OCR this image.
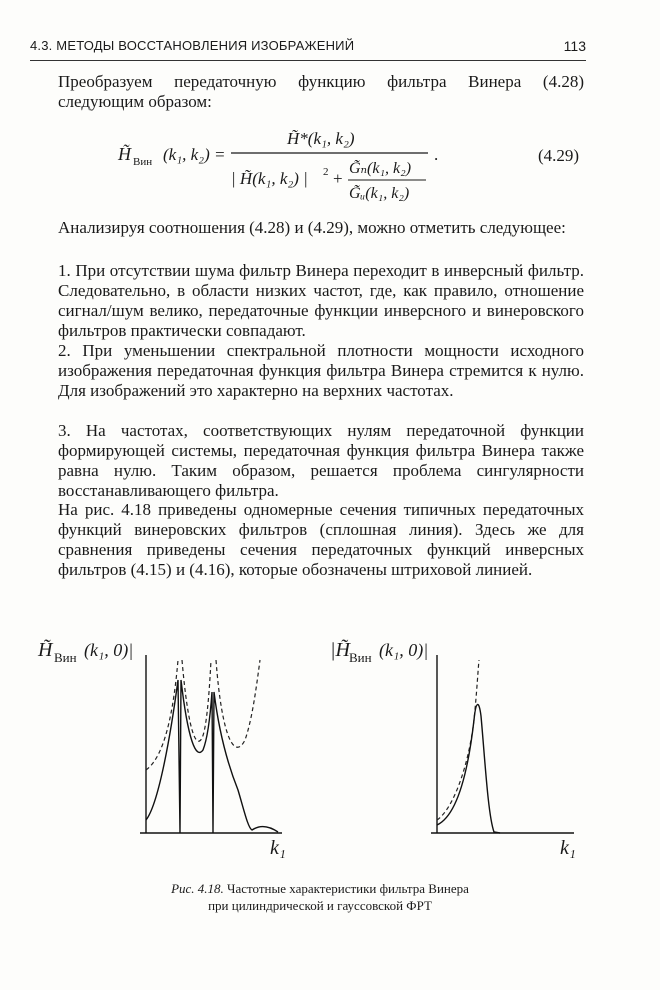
4.3. МЕТОДЫ ВОССТАНОВЛЕНИЯ ИЗОБРАЖЕНИЙ	113

Преобразуем передаточную функцию фильтра Винера (4.28) следующим образом:

H̃ Вин (k₁, k₂) =
H̃*(k₁, k₂)
| H̃(k₁, k₂) | 2 +
G̃ₙ(k₁, k₂)
G̃ᵤ(k₁, k₂)
.	(4.29)

Анализируя соотношения (4.28) и (4.29), можно отметить следующее:

1. При отсутствии шума фильтр Винера переходит в инверсный фильтр. Следовательно, в области низких частот, где, как правило, отношение сигнал/шум велико, передаточные функции инверсного и винеровского фильтров практически совпадают.

2. При уменьшении спектральной плотности мощности исходного изображения передаточная функция фильтра Винера стремится к нулю. Для изображений это характерно на верхних частотах.

3. На частотах, соответствующих нулям передаточной функции формирующей системы, передаточная функция фильтра Винера также равна нулю. Таким образом, решается проблема сингулярности восстанавливающего фильтра.

На рис. 4.18 приведены одномерные сечения типичных передаточных функций винеровских фильтров (сплошная линия). Здесь же для сравнения приведены сечения передаточных функций инверсных фильтров (4.15) и (4.16), которые обозначены штриховой линией.

H̃ Вин (k₁, 0)|
k₁
|H̃ Вин (k₁, 0)|
k₁
Рис. 4.18. Частотные характеристики фильтра Винера
при цилиндрической и гауссовской ФРТ
